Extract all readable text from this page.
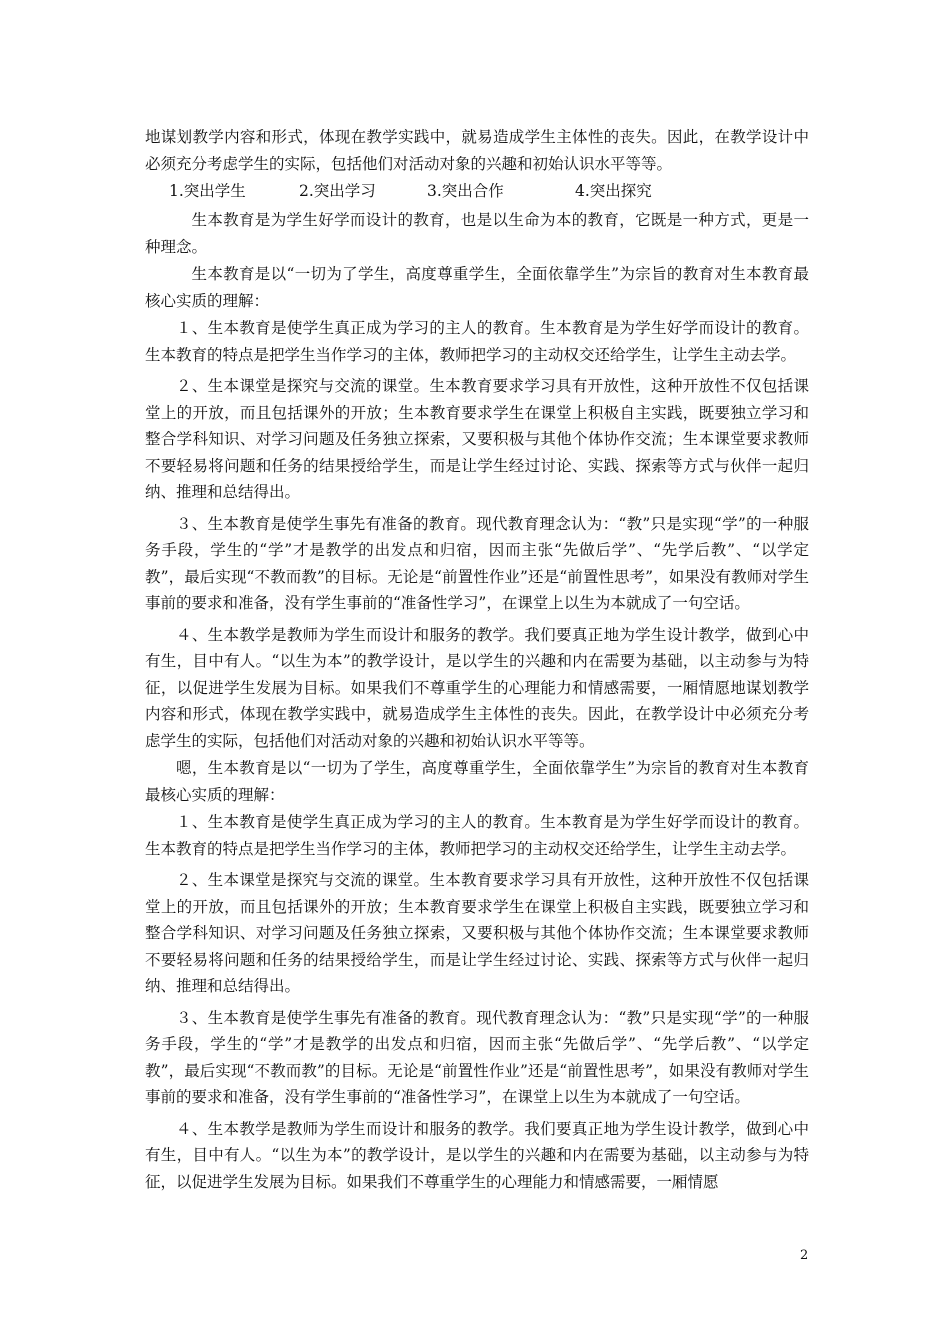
地谋划教学内容和形式，体现在教学实践中，就易造成学生主体性的丧失。因此，在教学设计中必须充分考虑学生的实际，包括他们对活动对象的兴趣和初始认识水平等等。

1.突出学生	2.突出学习	3.突出合作	4.突出探究

生本教育是为学生好学而设计的教育，也是以生命为本的教育，它既是一种方式，更是一种理念。

生本教育是以“一切为了学生，高度尊重学生，全面依靠学生”为宗旨的教育对生本教育最核心实质的理解：

１、生本教育是使学生真正成为学习的主人的教育。生本教育是为学生好学而设计的教育。生本教育的特点是把学生当作学习的主体，教师把学习的主动权交还给学生，让学生主动去学。

２、生本课堂是探究与交流的课堂。生本教育要求学习具有开放性，这种开放性不仅包括课堂上的开放，而且包括课外的开放；生本教育要求学生在课堂上积极自主实践，既要独立学习和整合学科知识、对学习问题及任务独立探索，又要积极与其他个体协作交流；生本课堂要求教师不要轻易将问题和任务的结果授给学生，而是让学生经过讨论、实践、探索等方式与伙伴一起归纳、推理和总结得出。

３、生本教育是使学生事先有准备的教育。现代教育理念认为：“教”只是实现“学”的一种服务手段，学生的“学”才是教学的出发点和归宿，因而主张“先做后学”、“先学后教”、“以学定教”，最后实现“不教而教”的目标。无论是“前置性作业”还是“前置性思考”，如果没有教师对学生事前的要求和准备，没有学生事前的“准备性学习”，在课堂上以生为本就成了一句空话。

４、生本教学是教师为学生而设计和服务的教学。我们要真正地为学生设计教学，做到心中有生，目中有人。“以生为本”的教学设计，是以学生的兴趣和内在需要为基础，以主动参与为特征，以促进学生发展为目标。如果我们不尊重学生的心理能力和情感需要，一厢情愿地谋划教学内容和形式，体现在教学实践中，就易造成学生主体性的丧失。因此，在教学设计中必须充分考虑学生的实际，包括他们对活动对象的兴趣和初始认识水平等等。

嗯，生本教育是以“一切为了学生，高度尊重学生，全面依靠学生”为宗旨的教育对生本教育最核心实质的理解：

１、生本教育是使学生真正成为学习的主人的教育。生本教育是为学生好学而设计的教育。生本教育的特点是把学生当作学习的主体，教师把学习的主动权交还给学生，让学生主动去学。

２、生本课堂是探究与交流的课堂。生本教育要求学习具有开放性，这种开放性不仅包括课堂上的开放，而且包括课外的开放；生本教育要求学生在课堂上积极自主实践，既要独立学习和整合学科知识、对学习问题及任务独立探索，又要积极与其他个体协作交流；生本课堂要求教师不要轻易将问题和任务的结果授给学生，而是让学生经过讨论、实践、探索等方式与伙伴一起归纳、推理和总结得出。

３、生本教育是使学生事先有准备的教育。现代教育理念认为：“教”只是实现“学”的一种服务手段，学生的“学”才是教学的出发点和归宿，因而主张“先做后学”、“先学后教”、“以学定教”，最后实现“不教而教”的目标。无论是“前置性作业”还是“前置性思考”，如果没有教师对学生事前的要求和准备，没有学生事前的“准备性学习”，在课堂上以生为本就成了一句空话。

４、生本教学是教师为学生而设计和服务的教学。我们要真正地为学生设计教学，做到心中有生，目中有人。“以生为本”的教学设计，是以学生的兴趣和内在需要为基础，以主动参与为特征，以促进学生发展为目标。如果我们不尊重学生的心理能力和情感需要，一厢情愿

2
